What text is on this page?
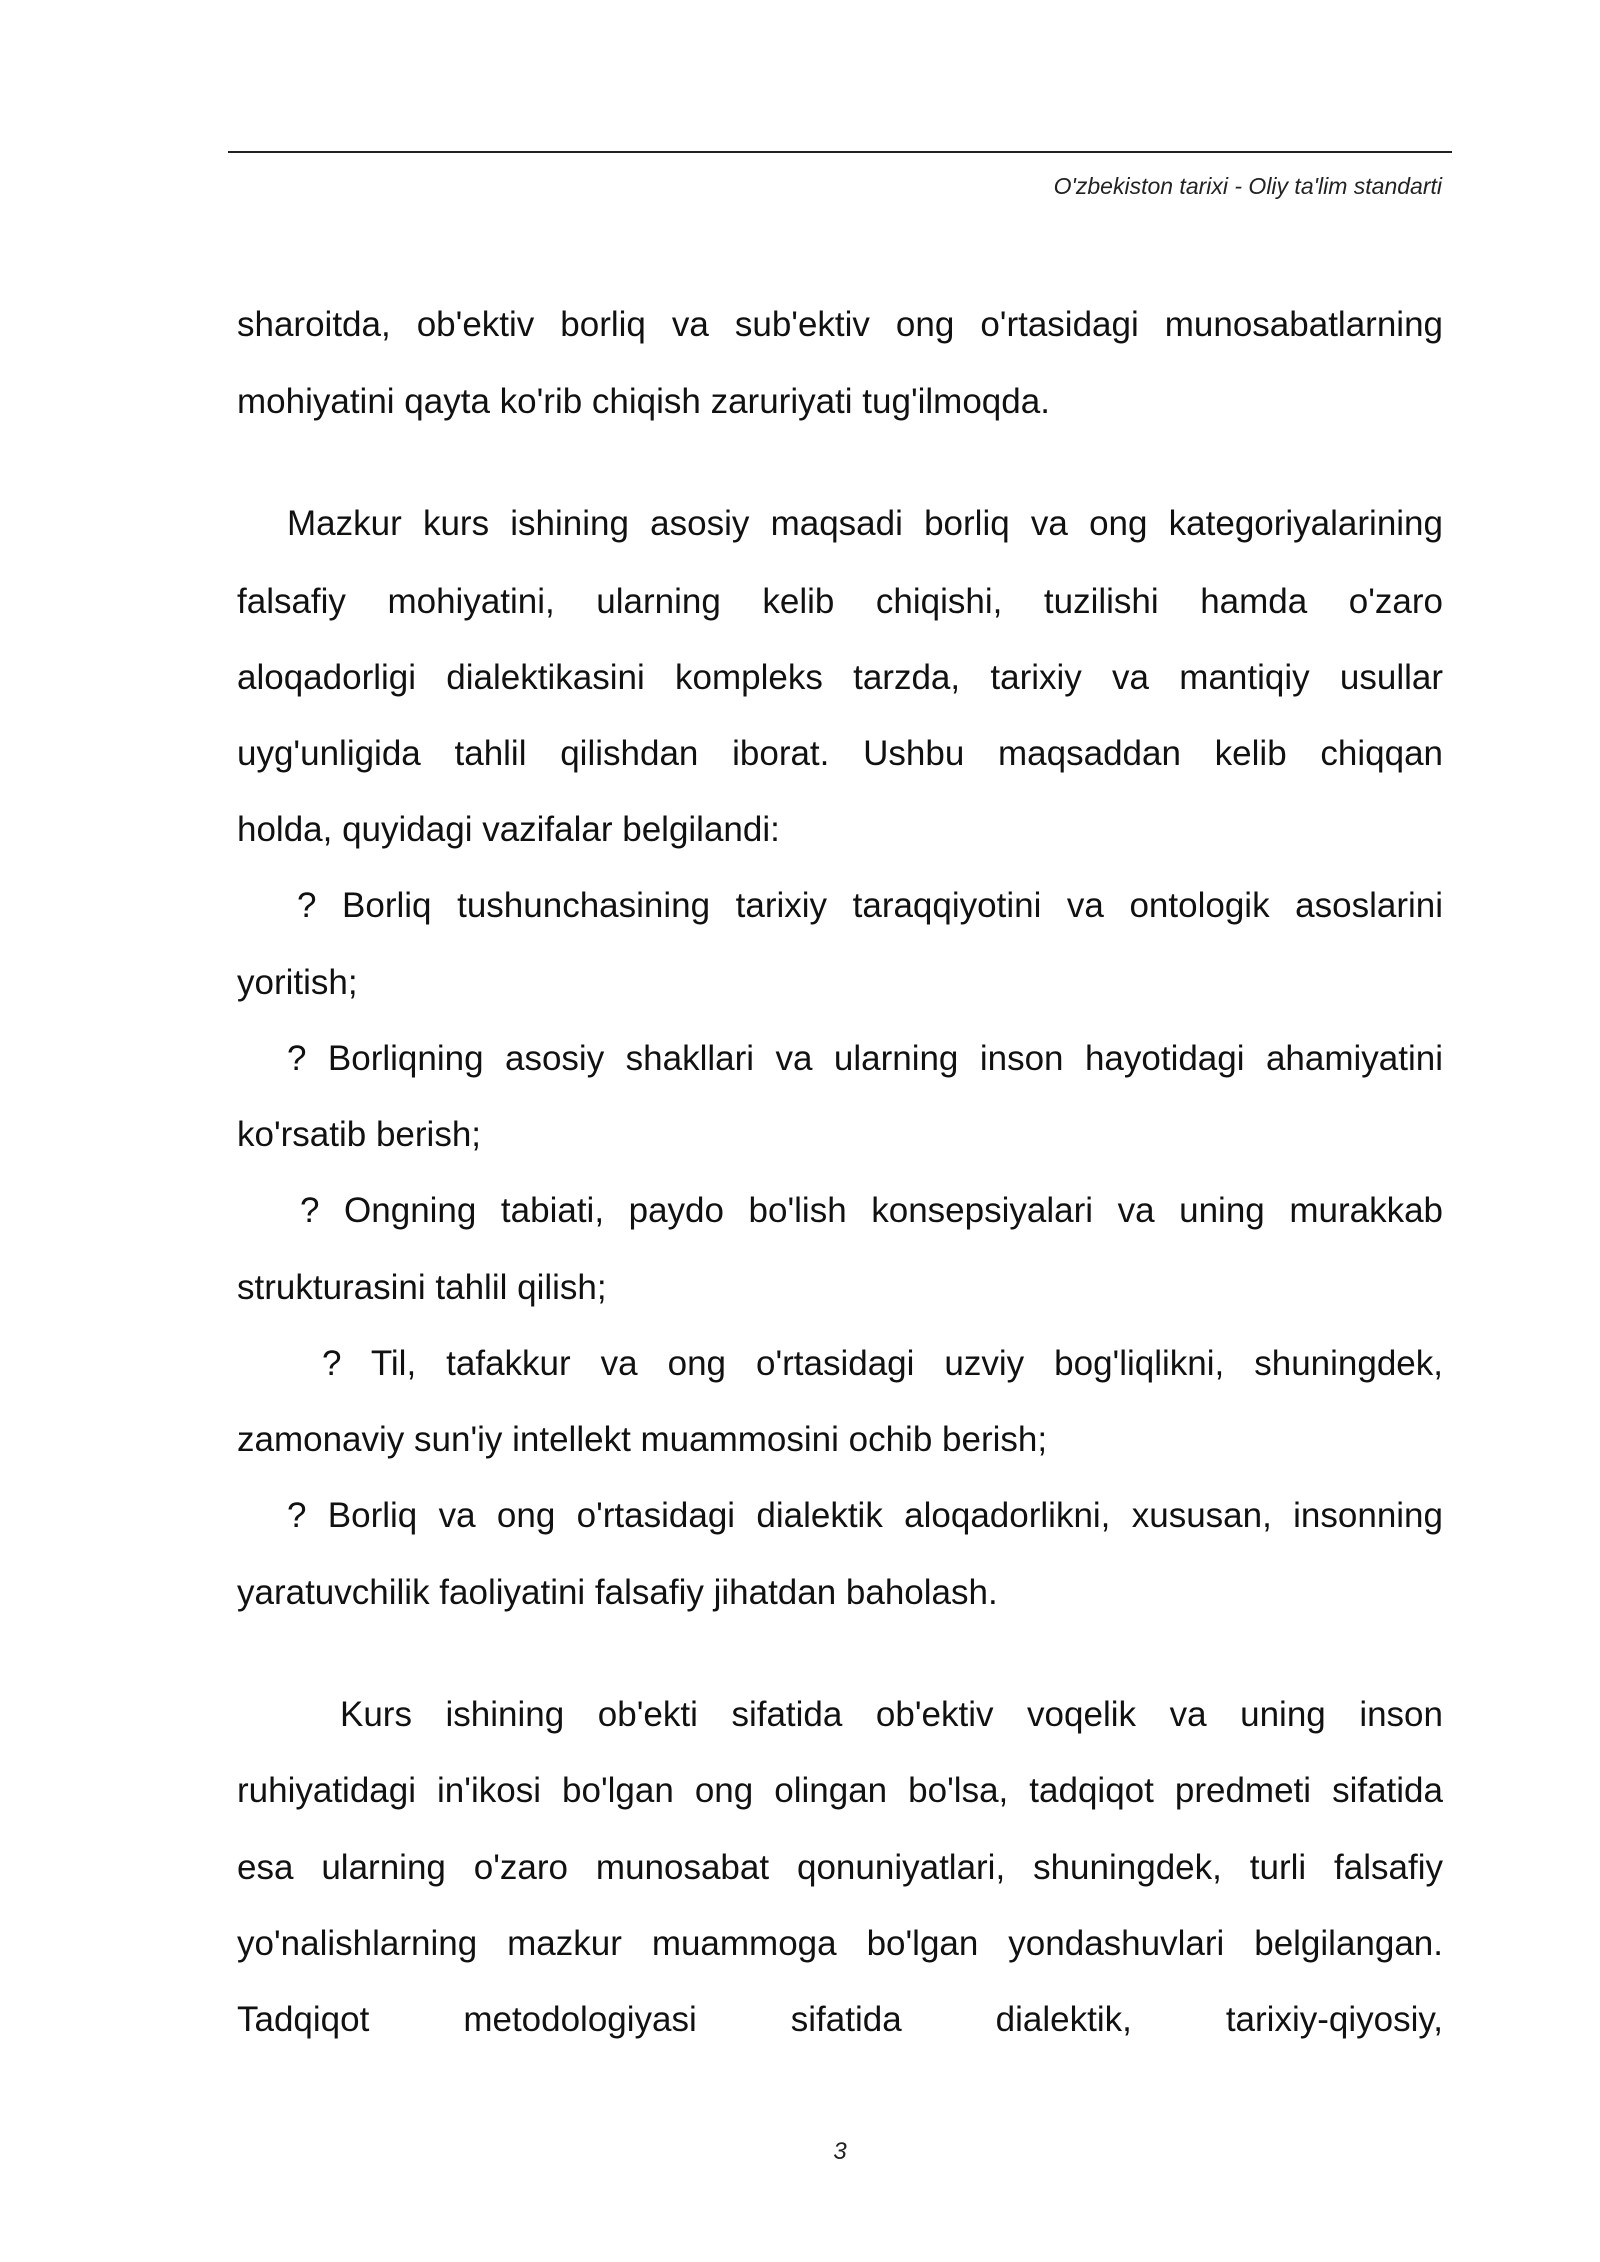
O'zbekiston tarixi - Oliy ta'lim standarti
sharoitda, ob'ektiv borliq va sub'ektiv ong o'rtasidagi munosabatlarning
mohiyatini qayta ko'rib chiqish zaruriyati tug'ilmoqda.
Mazkur kurs ishining asosiy maqsadi borliq va ong kategoriyalarining
falsafiy mohiyatini, ularning kelib chiqishi, tuzilishi hamda o'zaro
aloqadorligi dialektikasini kompleks tarzda, tarixiy va mantiqiy usullar
uyg'unligida tahlil qilishdan iborat. Ushbu maqsaddan kelib chiqqan
holda, quyidagi vazifalar belgilandi:
? Borliq tushunchasining tarixiy taraqqiyotini va ontologik asoslarini
yoritish;
? Borliqning asosiy shakllari va ularning inson hayotidagi ahamiyatini
ko'rsatib berish;
? Ongning tabiati, paydo bo'lish konsepsiyalari va uning murakkab
strukturasini tahlil qilish;
? Til, tafakkur va ong o'rtasidagi uzviy bog'liqlikni, shuningdek,
zamonaviy sun'iy intellekt muammosini ochib berish;
? Borliq va ong o'rtasidagi dialektik aloqadorlikni, xususan, insonning
yaratuvchilik faoliyatini falsafiy jihatdan baholash.
Kurs ishining ob'ekti sifatida ob'ektiv voqelik va uning inson
ruhiyatidagi in'ikosi bo'lgan ong olingan bo'lsa, tadqiqot predmeti sifatida
esa ularning o'zaro munosabat qonuniyatlari, shuningdek, turli falsafiy
yo'nalishlarning mazkur muammoga bo'lgan yondashuvlari belgilangan.
Tadqiqot metodologiyasi sifatida dialektik, tarixiy-qiyosiy,
3
